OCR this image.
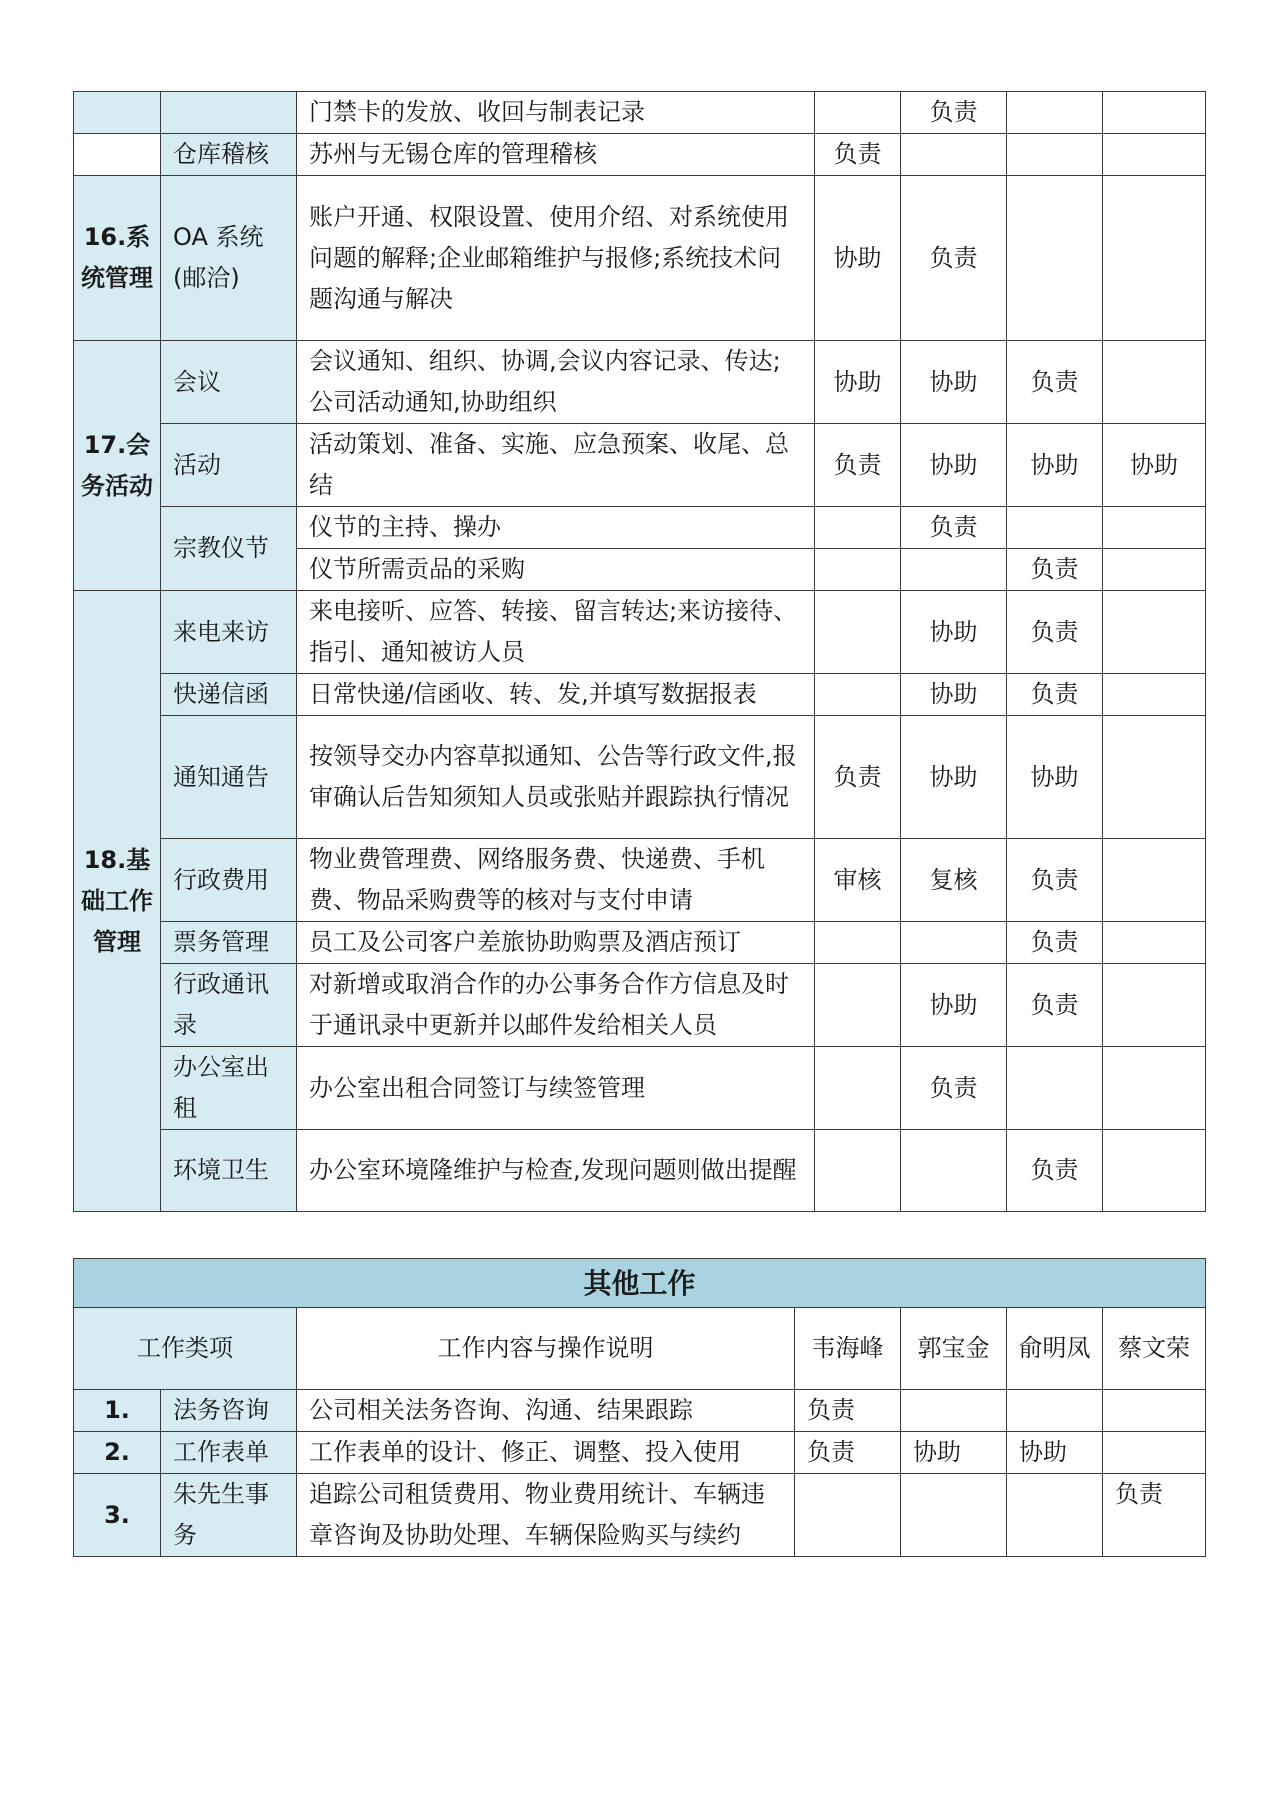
		门禁卡的发放、收回与制表记录		负责		
	仓库稽核	苏州与无锡仓库的管理稽核	负责			
16.系统管理	OA 系统(邮洽)	账户开通、权限设置、使用介绍、对系统使用问题的解释;企业邮箱维护与报修;系统技术问题沟通与解决	协助	负责		
17.会务活动	会议	会议通知、组织、协调,会议内容记录、传达;公司活动通知,协助组织	协助	协助	负责	
	活动	活动策划、准备、实施、应急预案、收尾、总结	负责	协助	协助	协助
	宗教仪节	仪节的主持、操办		负责		
		仪节所需贡品的采购			负责	
18.基础工作管理	来电来访	来电接听、应答、转接、留言转达;来访接待、指引、通知被访人员		协助	负责	
	快递信函	日常快递/信函收、转、发,并填写数据报表		协助	负责	
	通知通告	按领导交办内容草拟通知、公告等行政文件,报审确认后告知须知人员或张贴并跟踪执行情况	负责	协助	协助	
	行政费用	物业费管理费、网络服务费、快递费、手机费、物品采购费等的核对与支付申请	审核	复核	负责	
	票务管理	员工及公司客户差旅协助购票及酒店预订			负责	
	行政通讯录	对新增或取消合作的办公事务合作方信息及时于通讯录中更新并以邮件发给相关人员		协助	负责	
	办公室出租	办公室出租合同签订与续签管理		负责		
	环境卫生	办公室环境隆维护与检查,发现问题则做出提醒			负责	
其他工作						
工作类项		工作内容与操作说明	韦海峰	郭宝金	俞明凤	蔡文荣
1.	法务咨询	公司相关法务咨询、沟通、结果跟踪	负责			
2.	工作表单	工作表单的设计、修正、调整、投入使用	负责	协助	协助	
3.	朱先生事务	追踪公司租赁费用、物业费用统计、车辆违章咨询及协助处理、车辆保险购买与续约				负责
